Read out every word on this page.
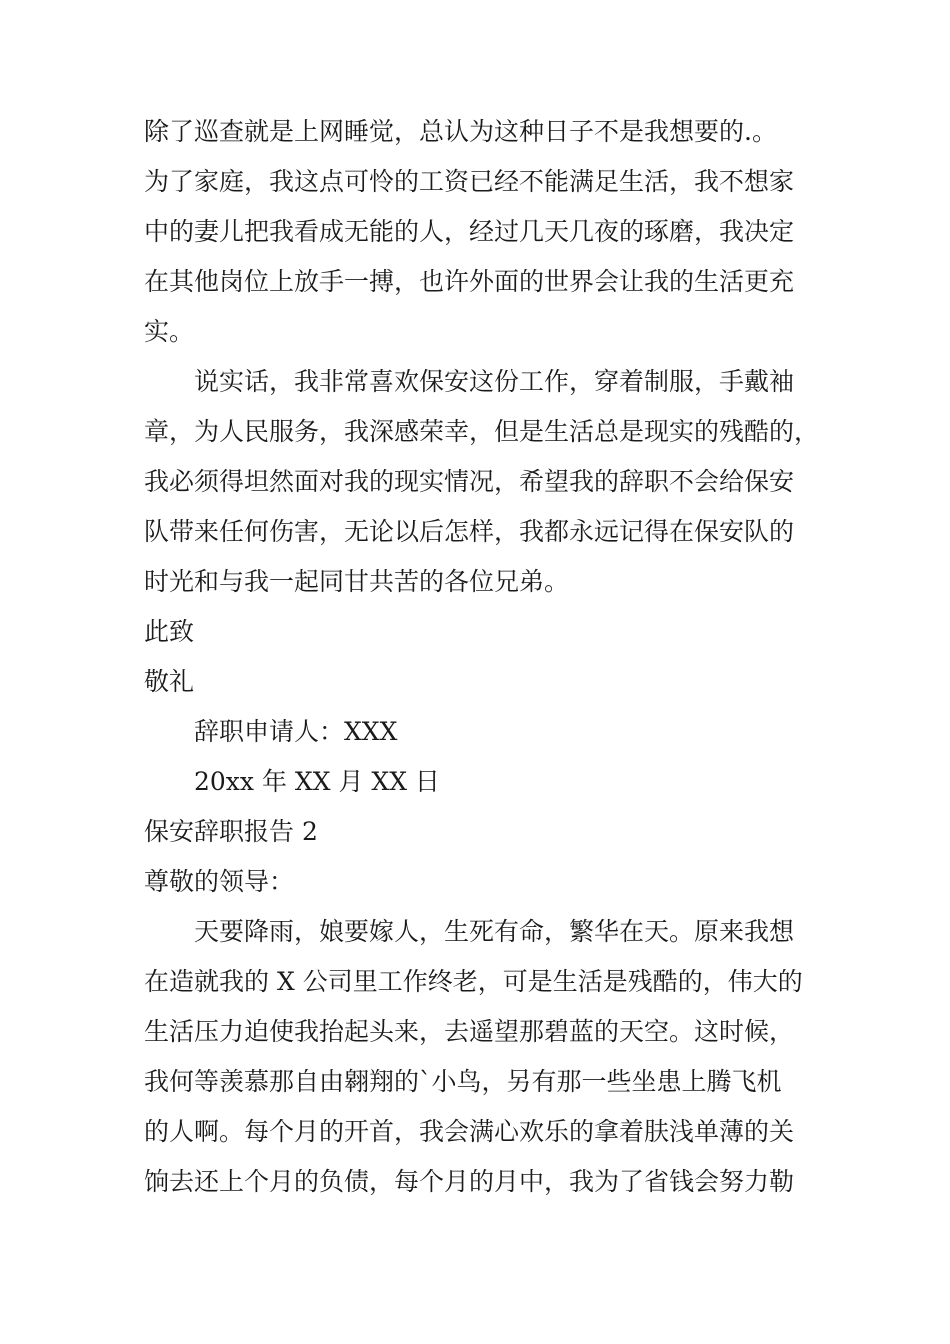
除了巡查就是上网睡觉，总认为这种日子不是我想要的.。
为了家庭，我这点可怜的工资已经不能满足生活，我不想家
中的妻儿把我看成无能的人，经过几天几夜的琢磨，我决定
在其他岗位上放手一搏，也许外面的世界会让我的生活更充
实。
说实话，我非常喜欢保安这份工作，穿着制服，手戴袖
章，为人民服务，我深感荣幸，但是生活总是现实的残酷的，
我必须得坦然面对我的现实情况，希望我的辞职不会给保安
队带来任何伤害，无论以后怎样，我都永远记得在保安队的
时光和与我一起同甘共苦的各位兄弟。
此致
敬礼
辞职申请人：XXX
20xx 年 XX 月 XX 日
保安辞职报告 2
尊敬的领导：
天要降雨，娘要嫁人，生死有命，繁华在天。原来我想
在造就我的 X 公司里工作终老，可是生活是残酷的，伟大的
生活压力迫使我抬起头来，去遥望那碧蓝的天空。这时候，
我何等羡慕那自由翱翔的`小鸟，另有那一些坐患上腾飞机
的人啊。每个月的开首，我会满心欢乐的拿着肤浅单薄的关
饷去还上个月的负债，每个月的月中，我为了省钱会努力勒
